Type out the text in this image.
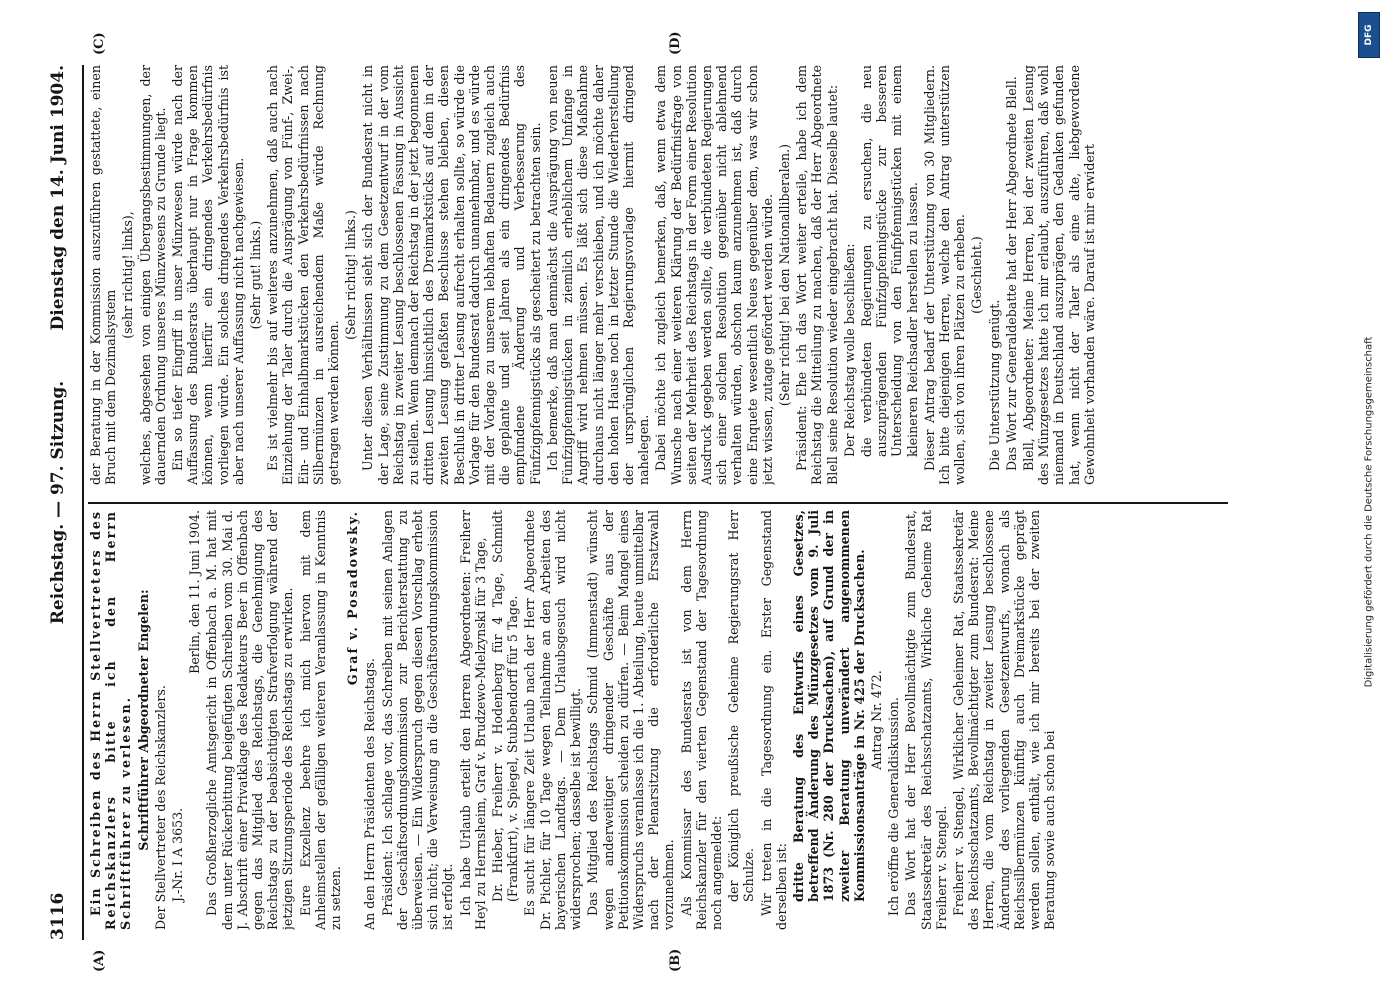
3116
Reichstag. — 97. Sitzung.
Dienstag den 14. Juni 1904.
(A)	(B)
(C)	(D)

Ein Schreiben des Herrn Stellvertreters des Reichskanzlers bitte ich den Herrn Schriftführer zu verlesen. Schriftführer Abgeordneter Engelen: Der Stellvertreter des Reichskanzlers. J.-Nr. I A 3653.

Berlin, den 11. Juni 1904. Das Großherzogliche Amtsgericht in Offenbach a. M. hat mit dem unter Rückerbittung beigefügten Schreiben vom 30. Mai d. J. Abschrift einer Privatklage des Redakteurs Beer in Offenbach gegen das Mitglied des Reichstags, die Genehmigung des Reichstags zu der beabsichtigten Strafverfolgung während der jetzigen Sitzungsperiode des Reichstags zu erwirken. Eure Exzellenz beehre ich mich hiervon mit dem Anheimstellen der gefälligen weiteren Veranlassung in Kenntnis zu setzen.

Graf v. Posadowsky.

An den Herrn Präsidenten des Reichstags. Präsident: Ich schlage vor, das Schreiben mit seinen Anlagen der Geschäftsordnungskommission zur Berichterstattung zu überweisen. — Ein Widerspruch gegen diesen Vorschlag erhebt sich nicht; die Verweisung an die Geschäftsordnungskommission ist erfolgt. Ich habe Urlaub erteilt den Herren Abgeordneten: Freiherr Heyl zu Herrnsheim, Graf v. Brudzewo-Mielzynski für 3 Tage, Dr. Hieber, Freiherr v. Hodenberg für 4 Tage, Schmidt (Frankfurt), v. Spiegel, Stubbendorff für 5 Tage. Es sucht für längere Zeit Urlaub nach der Herr Abgeordnete Dr. Pichler, für 10 Tage wegen Teilnahme an den Arbeiten des bayerischen Landtags. — Dem Urlaubsgesuch wird nicht widersprochen; dasselbe ist bewilligt. Das Mitglied des Reichstags Schmid (Immenstadt) wünscht wegen anderweitiger dringender Geschäfte aus der Petitionskommission scheiden zu dürfen. — Beim Mangel eines Widerspruchs veranlasse ich die 1. Abteilung, heute unmittelbar nach der Plenarsitzung die erforderliche Ersatzwahl vorzunehmen. Als Kommissar des Bundesrats ist von dem Herrn Reichskanzler für den vierten Gegenstand der Tagesordnung noch angemeldet: der Königlich preußische Geheime Regierungsrat Herr Schulze. Wir treten in die Tagesordnung ein. Erster Gegenstand derselben ist: dritte Beratung des Entwurfs eines Gesetzes, betreffend Änderung des Münzgesetzes vom 9. Juli 1873 (Nr. 280 der Drucksachen), auf Grund der in zweiter Beratung unverändert angenommenen Kommissionsanträge in Nr. 425 der Drucksachen. Antrag Nr. 472. Ich eröffne die Generaldiskussion. Das Wort hat der Herr Bevollmächtigte zum Bundesrat, Staatssekretär des Reichsschatzamts, Wirkliche Geheime Rat Freiherr v. Stengel. Freiherr v. Stengel, Wirklicher Geheimer Rat, Staatssekretär des Reichsschatzamts, Bevollmächtigter zum Bundesrat: Meine Herren, die vom Reichstag in zweiter Lesung beschlossene Änderung des vorliegenden Gesetzentwurfs, wonach als Reichssilbermünzen künftig auch Dreimarkstücke geprägt werden sollen, enthält, wie ich mir bereits bei der zweiten Beratung sowie auch schon bei

der Beratung in der Kommission auszuführen gestattete, einen Bruch mit dem Dezimalsystem

(sehr richtig! links), welches, abgesehen von einigen Übergangsbestimmungen, der dauernden Ordnung unseres Münzwesens zu Grunde liegt. Ein so tiefer Eingriff in unser Münzwesen würde nach der Auffassung des Bundesrats überhaupt nur in Frage kommen können, wenn hierfür ein dringendes Verkehrsbedürfnis vorliegen würde. Ein solches dringendes Verkehrsbedürfnis ist aber nach unserer Auffassung nicht nachgewiesen. (Sehr gut! links.) Es ist vielmehr bis auf weiteres anzunehmen, daß auch nach Einziehung der Taler durch die Ausprägung von Fünf-, Zwei-, Ein- und Einhalbmarkstücken den Verkehrsbedürfnissen nach Silbermünzen in ausreichendem Maße würde Rechnung getragen werden können.

(Sehr richtig! links.) Unter diesen Verhältnissen sieht sich der Bundesrat nicht in der Lage, seine Zustimmung zu dem Gesetzentwurf in der vom Reichstag in zweiter Lesung beschlossenen Fassung in Aussicht zu stellen. Wenn demnach der Reichstag in der jetzt begonnenen dritten Lesung hinsichtlich des Dreimarkstücks auf dem in der zweiten Lesung gefaßten Beschlusse stehen bleiben, diesen Beschluß in dritter Lesung aufrecht erhalten sollte, so würde die Vorlage für den Bundesrat dadurch unannehmbar, und es würde mit der Vorlage zu unserem lebhaften Bedauern zugleich auch die geplante und seit Jahren als ein dringendes Bedürfnis empfundene Änderung und Verbesserung des Fünfzigpfennigstücks als gescheitert zu betrachten sein. Ich bemerke, daß man demnächst die Ausprägung von neuen Fünfzigpfennigstücken in ziemlich erheblichem Umfange in Angriff wird nehmen müssen. Es läßt sich diese Maßnahme durchaus nicht länger mehr verschieben, und ich möchte daher den hohen Hause noch in letzter Stunde die Wiederherstellung der ursprünglichen Regierungsvorlage hiermit dringend nahelegen. Dabei möchte ich zugleich bemerken, daß, wenn etwa dem Wunsche nach einer weiteren Klärung der Bedürfnisfrage von seiten der Mehrheit des Reichstags in der Form einer Resolution Ausdruck gegeben werden sollte, die verbündeten Regierungen sich einer solchen Resolution gegenüber nicht ablehnend verhalten würden, obschon kaum anzunehmen ist, daß durch eine Enquete wesentlich Neues gegenüber dem, was wir schon jetzt wissen, zutage gefördert werden würde. (Sehr richtig! bei den Nationalliberalen.) Präsident: Ehe ich das Wort weiter erteile, habe ich dem Reichstag die Mitteilung zu machen, daß der Herr Abgeordnete Blell seine Resolution wieder eingebracht hat. Dieselbe lautet: Der Reichstag wolle beschließen: die verbündeten Regierungen zu ersuchen, die neu auszuprägenden Fünfzigpfennigstücke zur besseren Unterscheidung von den Fünfpfennigstücken mit einem kleineren Reichsadler herstellen zu lassen. Dieser Antrag bedarf der Unterstützung von 30 Mitgliedern. Ich bitte diejenigen Herren, welche den Antrag unterstützen wollen, sich von ihren Plätzen zu erheben. (Geschieht.)

Die Unterstützung genügt. Das Wort zur Generaldebatte hat der Herr Abgeordnete Blell. Blell, Abgeordneter: Meine Herren, bei der zweiten Lesung des Münzgesetzes hatte ich mir erlaubt, auszuführen, daß wohl niemand in Deutschland auszuprägen, den Gedanken gefunden hat, wenn nicht der Taler als eine alte, liebgewordene Gewohnheit vorhanden wäre. Darauf ist mir erwidert

DFG
Digitalisierung gefördert durch die Deutsche Forschungsgemeinschaft
